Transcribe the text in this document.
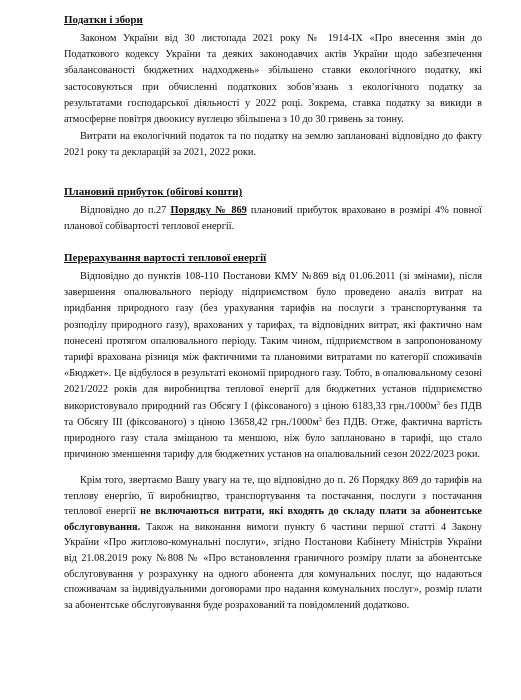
Податки і збори
Законом України від 30 листопада 2021 року № 1914-IX «Про внесення змін до Податкового кодексу України та деяких законодавчих актів України щодо забезпечення збалансованості бюджетних надходжень» збільшено ставки екологічного податку, які застосовуються при обчисленні податкових зобов’язань з екологічного податку за результатами господарської діяльності у 2022 році. Зокрема, ставка податку за викиди в атмосферне повітря двоокису вуглецю збільшена з 10 до 30 гривень за тонну.
Витрати на екологічний податок та по податку на землю заплановані відповідно до факту 2021 року та декларацій за 2021, 2022 роки.
Плановий прибуток (обігові кошти)
Відповідно до п.27 Порядку № 869 плановий прибуток враховано в розмірі 4% повної планової собівартості теплової енергії.
Перерахування вартості теплової енергії
Відповідно до пунктів 108-110 Постанови КМУ №869 від 01.06.2011 (зі змінами), після завершення опалювального періоду підприємством було проведено аналіз витрат на придбання природного газу (без урахування тарифів на послуги з транспортування та розподілу природного газу), врахованих у тарифах, та відповідних витрат, які фактично нам понесені протягом опалювального періоду. Таким чином, підприємством в запропонованому тарифі врахована різниця між фактичними та плановими витратами по категорії споживачів «Бюджет». Це відбулося в результаті економії природного газу. Тобто, в опалювальному сезоні 2021/2022 років для виробництва теплової енергії для бюджетних установ підприємство використовувало природний газ Обсягу I (фіксованого) з ціною 6183,33 $грн./1000м^3$ без ПДВ та Обсягу III (фіксованого) з ціною 13658,42 $грн./1000м^3$ без ПДВ. Отже, фактична вартість природного газу стала зміщаною та меншою, ніж було заплановано в тарифі, що стало причиною зменшення тарифу для бюджетних установ на опалювальний сезон 2022/2023 роки.
Крім того, звертаємо Вашу увагу на те, що відповідно до п. 26 Порядку 869 до тарифів на теплову енергію, її виробництво, транспортування та постачання, послуги з постачання теплової енергії не включаються витрати, які входять до складу плати за абонентське обслуговування. Також на виконання вимоги пункту 6 частини першої статті 4 Закону України «Про житлово-комунальні послуги», згідно Постанови Кабінету Міністрів України від 21.08.2019 року №808 № «Про встановлення граничного розміру плати за абонентське обслуговування у розрахунку на одного абонента для комунальних послуг, що надаються споживачам за індивідуальними договорами про надання комунальних послуг», розмір плати за абонентське обслуговування буде розрахований та повідомлений додатково.
